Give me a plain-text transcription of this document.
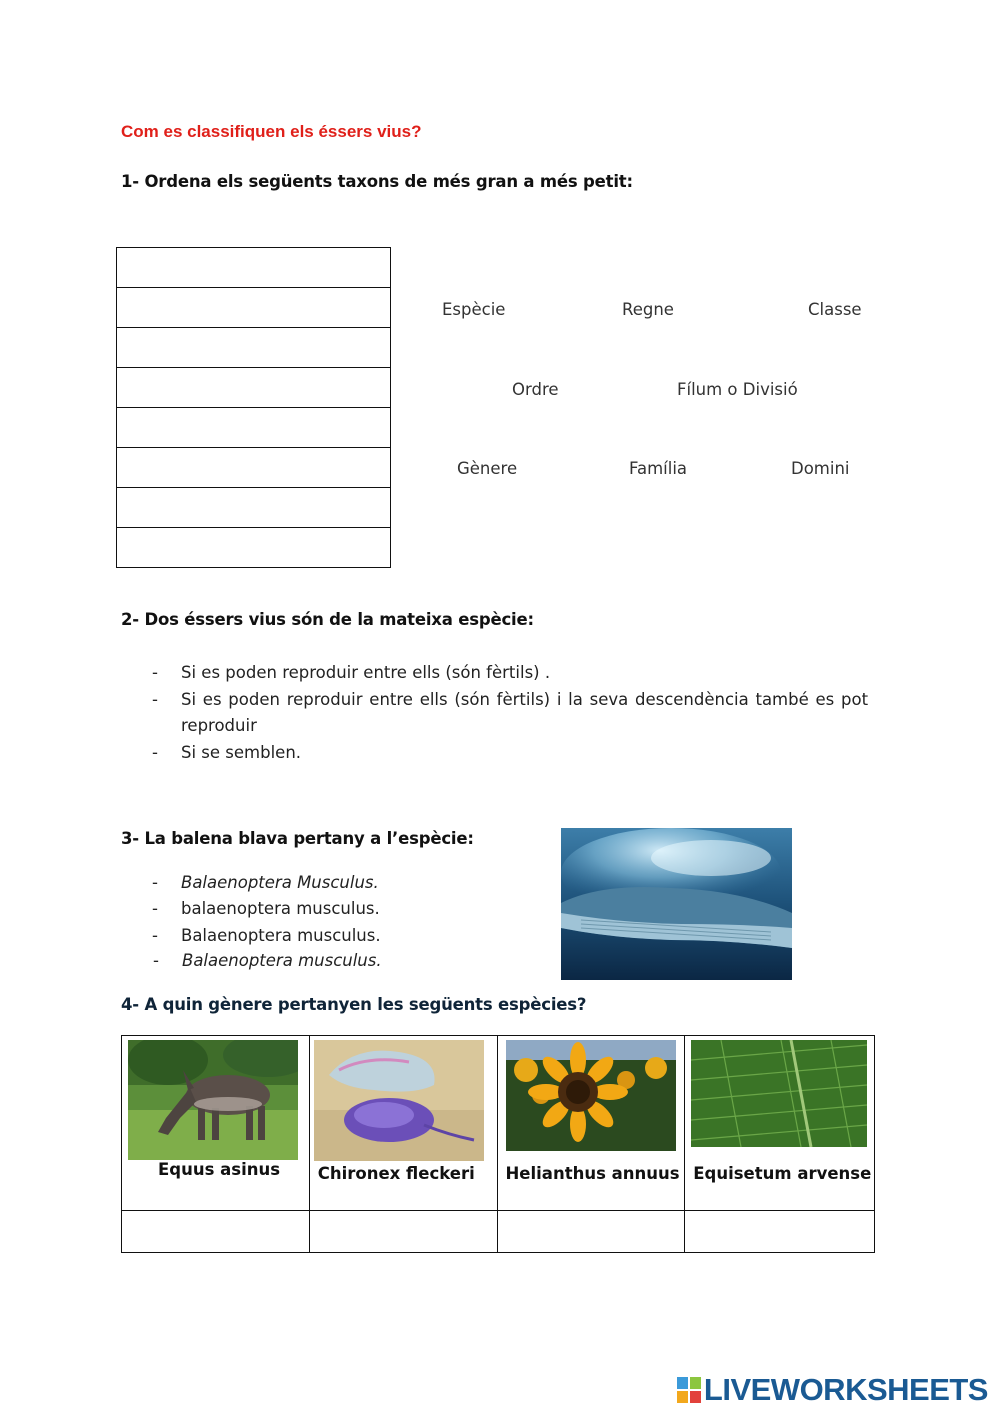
Com es classifiquen els éssers vius?
1- Ordena els següents taxons de més gran a més petit:

Espècie	Regne	Classe
Ordre	Fílum o Divisió
Gènere	Família	Domini
2- Dos éssers vius són de la mateixa espècie:
- Si es poden reproduir entre ells (són fèrtils) .
- Si es poden reproduir entre ells (són fèrtils) i la seva descendència també es pot
reproduir
- Si se semblen.
3- La balena blava pertany a l’espècie:
- Balaenoptera Musculus.
- balaenoptera musculus.
- Balaenoptera musculus.
- Balaenoptera musculus.
4- A quin gènere pertanyen les següents espècies?
Equus asinus	Chironex fleckeri	Helianthus annuus	Equisetum arvense

LIVEWORKSHEETS
